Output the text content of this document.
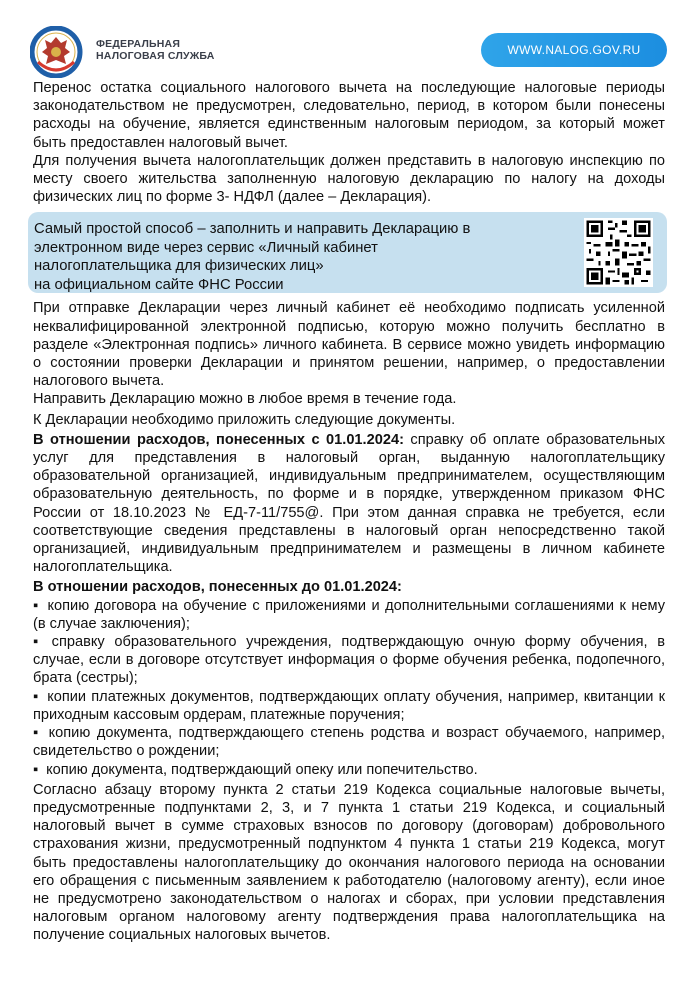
ФЕДЕРАЛЬНАЯ
НАЛОГОВАЯ СЛУЖБА	WWW.NALOG.GOV.RU

Перенос остатка социального налогового вычета на последующие налоговые периоды законодательством не предусмотрен, следовательно, период, в котором были понесены расходы на обучение, является единственным налоговым периодом, за который может быть предоставлен налоговый вычет.

Для получения вычета налогоплательщик должен представить в налоговую инспекцию по месту своего жительства заполненную налоговую декларацию по налогу на доходы физических лиц по форме 3- НДФЛ (далее – Декларация).

Самый простой способ – заполнить и направить Декларацию в
электронном виде через сервис «Личный кабинет
налогоплательщика для физических лиц»
на официальном сайте ФНС России

При отправке Декларации через личный кабинет её необходимо подписать усиленной неквалифицированной электронной подписью, которую можно получить бесплатно в разделе «Электронная подпись» личного кабинета. В сервисе можно увидеть информацию о состоянии проверки Декларации и принятом решении, например, о предоставлении налогового вычета.

Направить Декларацию можно в любое время в течение года.

К Декларации необходимо приложить следующие документы.

В отношении расходов, понесенных с 01.01.2024: справку об оплате образовательных услуг для представления в налоговый орган, выданную налогоплательщику образовательной организацией, индивидуальным предпринимателем, осуществляющим образовательную деятельность, по форме и в порядке, утвержденном приказом ФНС России от 18.10.2023 № ЕД-7-11/755@. При этом данная справка не требуется, если соответствующие сведения представлены в налоговый орган непосредственно такой организацией, индивидуальным предпринимателем и размещены в личном кабинете налогоплательщика.

В отношении расходов, понесенных до 01.01.2024:

▪ копию договора на обучение с приложениями и дополнительными соглашениями к нему (в случае заключения);

▪ справку образовательного учреждения, подтверждающую очную форму обучения, в случае, если в договоре отсутствует информация о форме обучения ребенка, подопечного, брата (сестры);

▪ копии платежных документов, подтверждающих оплату обучения, например, квитанции к приходным кассовым ордерам, платежные поручения;

▪ копию документа, подтверждающего степень родства и возраст обучаемого, например, свидетельство о рождении;

▪ копию документа, подтверждающий опеку или попечительство.

Согласно абзацу второму пункта 2 статьи 219 Кодекса социальные налоговые вычеты, предусмотренные подпунктами 2, 3, и 7 пункта 1 статьи 219 Кодекса, и социальный налоговый вычет в сумме страховых взносов по договору (договорам) добровольного страхования жизни, предусмотренный подпунктом 4 пункта 1 статьи 219 Кодекса, могут быть предоставлены налогоплательщику до окончания налогового периода на основании его обращения с письменным заявлением к работодателю (налоговому агенту), если иное не предусмотрено законодательством о налогах и сборах, при условии представления налоговым органом налоговому агенту подтверждения права налогоплательщика на получение социальных налоговых вычетов.
